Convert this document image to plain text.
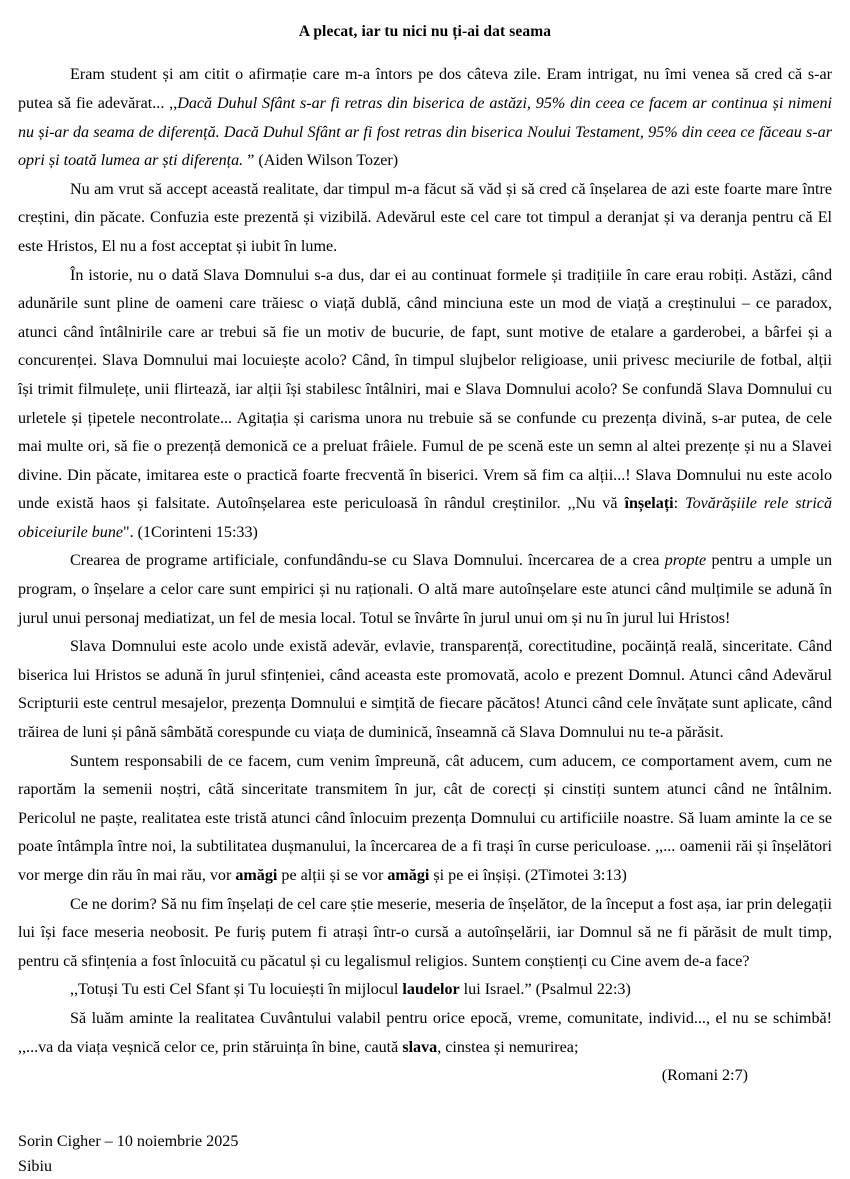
A plecat, iar tu nici nu ți-ai dat seama

Eram student și am citit o afirmație care m-a întors pe dos câteva zile. Eram intrigat, nu îmi venea să cred că s-ar putea să fie adevărat... ,,Dacă Duhul Sfânt s-ar fi retras din biserica de astăzi, 95% din ceea ce facem ar continua și nimeni nu și-ar da seama de diferență. Dacă Duhul Sfânt ar fi fost retras din biserica Noului Testament, 95% din ceea ce făceau s-ar opri și toată lumea ar ști diferența. ” (Aiden Wilson Tozer)

Nu am vrut să accept această realitate, dar timpul m-a făcut să văd și să cred că înșelarea de azi este foarte mare între creștini, din păcate. Confuzia este prezentă și vizibilă. Adevărul este cel care tot timpul a deranjat și va deranja pentru că El este Hristos, El nu a fost acceptat și iubit în lume.

În istorie, nu o dată Slava Domnului s-a dus, dar ei au continuat formele și tradițiile în care erau robiți. Astăzi, când adunările sunt pline de oameni care trăiesc o viață dublă, când minciuna este un mod de viață a creștinului – ce paradox, atunci când întâlnirile care ar trebui să fie un motiv de bucurie, de fapt, sunt motive de etalare a garderobei, a bârfei și a concurenței. Slava Domnului mai locuiește acolo? Când, în timpul slujbelor religioase, unii privesc meciurile de fotbal, alții își trimit filmulețe, unii flirtează, iar alții își stabilesc întâlniri, mai e Slava Domnului acolo? Se confundă Slava Domnului cu urletele și țipetele necontrolate... Agitația și carisma unora nu trebuie să se confunde cu prezența divină, s-ar putea, de cele mai multe ori, să fie o prezență demonică ce a preluat frâiele. Fumul de pe scenă este un semn al altei prezențe și nu a Slavei divine. Din păcate, imitarea este o practică foarte frecventă în biserici. Vrem să fim ca alții...! Slava Domnului nu este acolo unde există haos și falsitate. Autoînșelarea este periculoasă în rândul creștinilor. ,,Nu vă înșelați: Tovărășiile rele strică obiceiurile bune". (1Corinteni 15:33)

Crearea de programe artificiale, confundându-se cu Slava Domnului. încercarea de a crea propte pentru a umple un program, o înșelare a celor care sunt empirici și nu raționali. O altă mare autoînșelare este atunci când mulțimile se adună în jurul unui personaj mediatizat, un fel de mesia local. Totul se învârte în jurul unui om și nu în jurul lui Hristos!

Slava Domnului este acolo unde există adevăr, evlavie, transparență, corectitudine, pocăință reală, sinceritate. Când biserica lui Hristos se adună în jurul sfințeniei, când aceasta este promovată, acolo e prezent Domnul. Atunci când Adevărul Scripturii este centrul mesajelor, prezența Domnului e simțită de fiecare păcătos! Atunci când cele învățate sunt aplicate, când trăirea de luni și până sâmbătă corespunde cu viața de duminică, înseamnă că Slava Domnului nu te-a părăsit.

Suntem responsabili de ce facem, cum venim împreună, cât aducem, cum aducem, ce comportament avem, cum ne raportăm la semenii noștri, câtă sinceritate transmitem în jur, cât de corecți și cinstiți suntem atunci când ne întâlnim. Pericolul ne paște, realitatea este tristă atunci când înlocuim prezența Domnului cu artificiile noastre. Să luam aminte la ce se poate întâmpla între noi, la subtilitatea dușmanului, la încercarea de a fi trași în curse periculoase. ,,... oamenii răi și înșelători vor merge din rău în mai rău, vor amăgi pe alții și se vor amăgi și pe ei înșiși. (2Timotei 3:13)

Ce ne dorim? Să nu fim înșelați de cel care știe meserie, meseria de înșelător, de la început a fost așa, iar prin delegații lui își face meseria neobosit. Pe furiș putem fi atrași într-o cursă a autoînșelării, iar Domnul să ne fi părăsit de mult timp, pentru că sfințenia a fost înlocuită cu păcatul și cu legalismul religios. Suntem conștienți cu Cine avem de-a face?

,,Totuși Tu esti Cel Sfant și Tu locuiești în mijlocul laudelor lui Israel.” (Psalmul 22:3)

Să luăm aminte la realitatea Cuvântului valabil pentru orice epocă, vreme, comunitate, individ..., el nu se schimbă! ,,...va da viața veșnică celor ce, prin stăruința în bine, caută slava, cinstea și nemurirea;

(Romani 2:7)

Sorin Cigher – 10 noiembrie 2025
Sibiu
